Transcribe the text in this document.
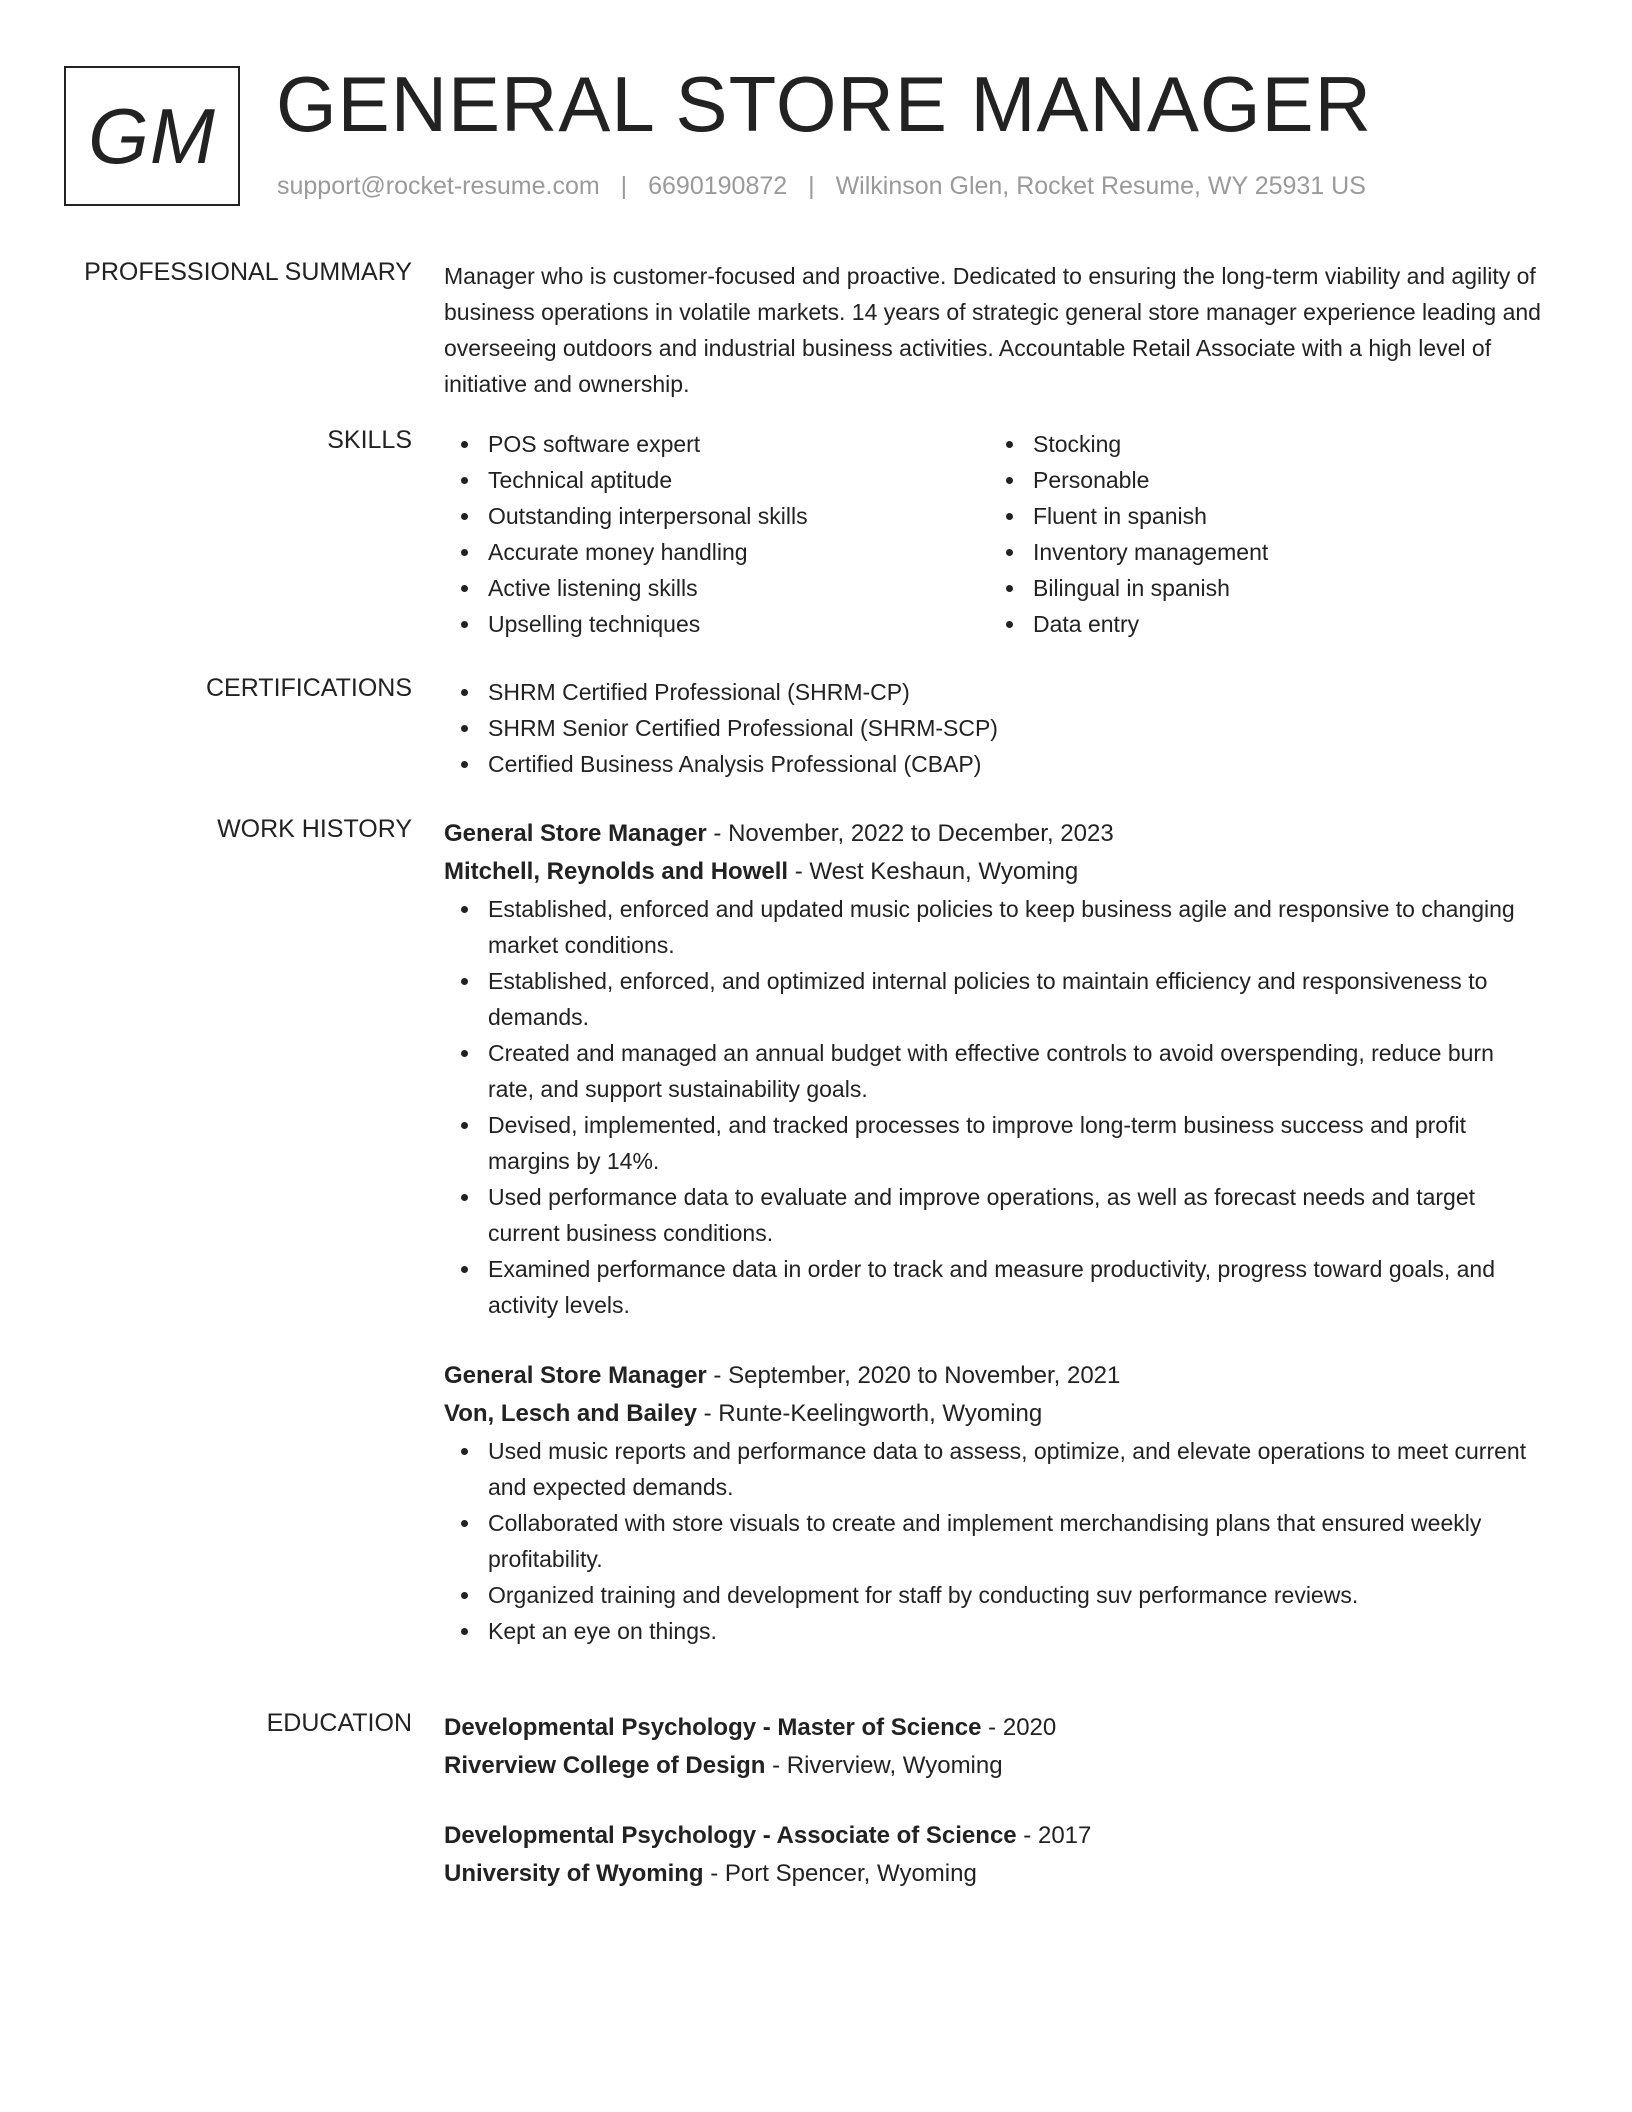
GM GENERAL STORE MANAGER
support@rocket-resume.com | 6690190872 | Wilkinson Glen, Rocket Resume, WY 25931 US
PROFESSIONAL SUMMARY Manager who is customer-focused and proactive. Dedicated to ensuring the long-term viability and agility of business operations in volatile markets. 14 years of strategic general store manager experience leading and overseeing outdoors and industrial business activities. Accountable Retail Associate with a high level of initiative and ownership.
SKILLS	POS software expert
Technical aptitude
Outstanding interpersonal skills
Accurate money handling
Active listening skills
Upselling techniques
Stocking
Personable
Fluent in spanish
Inventory management
Bilingual in spanish
Data entry
CERTIFICATIONS	SHRM Certified Professional (SHRM-CP)
SHRM Senior Certified Professional (SHRM-SCP)
Certified Business Analysis Professional (CBAP)
WORK HISTORY General Store Manager - November, 2022 to December, 2023
Mitchell, Reynolds and Howell - West Keshaun, Wyoming
Established, enforced and updated music policies to keep business agile and responsive to changing market conditions.
Established, enforced, and optimized internal policies to maintain efficiency and responsiveness to demands.
Created and managed an annual budget with effective controls to avoid overspending, reduce burn rate, and support sustainability goals.
Devised, implemented, and tracked processes to improve long-term business success and profit margins by 14%.
Used performance data to evaluate and improve operations, as well as forecast needs and target current business conditions.
Examined performance data in order to track and measure productivity, progress toward goals, and activity levels.
General Store Manager - September, 2020 to November, 2021
Von, Lesch and Bailey - Runte-Keelingworth, Wyoming
Used music reports and performance data to assess, optimize, and elevate operations to meet current and expected demands.
Collaborated with store visuals to create and implement merchandising plans that ensured weekly profitability.
Organized training and development for staff by conducting suv performance reviews.
Kept an eye on things.
EDUCATION Developmental Psychology - Master of Science - 2020
Riverview College of Design - Riverview, Wyoming
Developmental Psychology - Associate of Science - 2017
University of Wyoming - Port Spencer, Wyoming
